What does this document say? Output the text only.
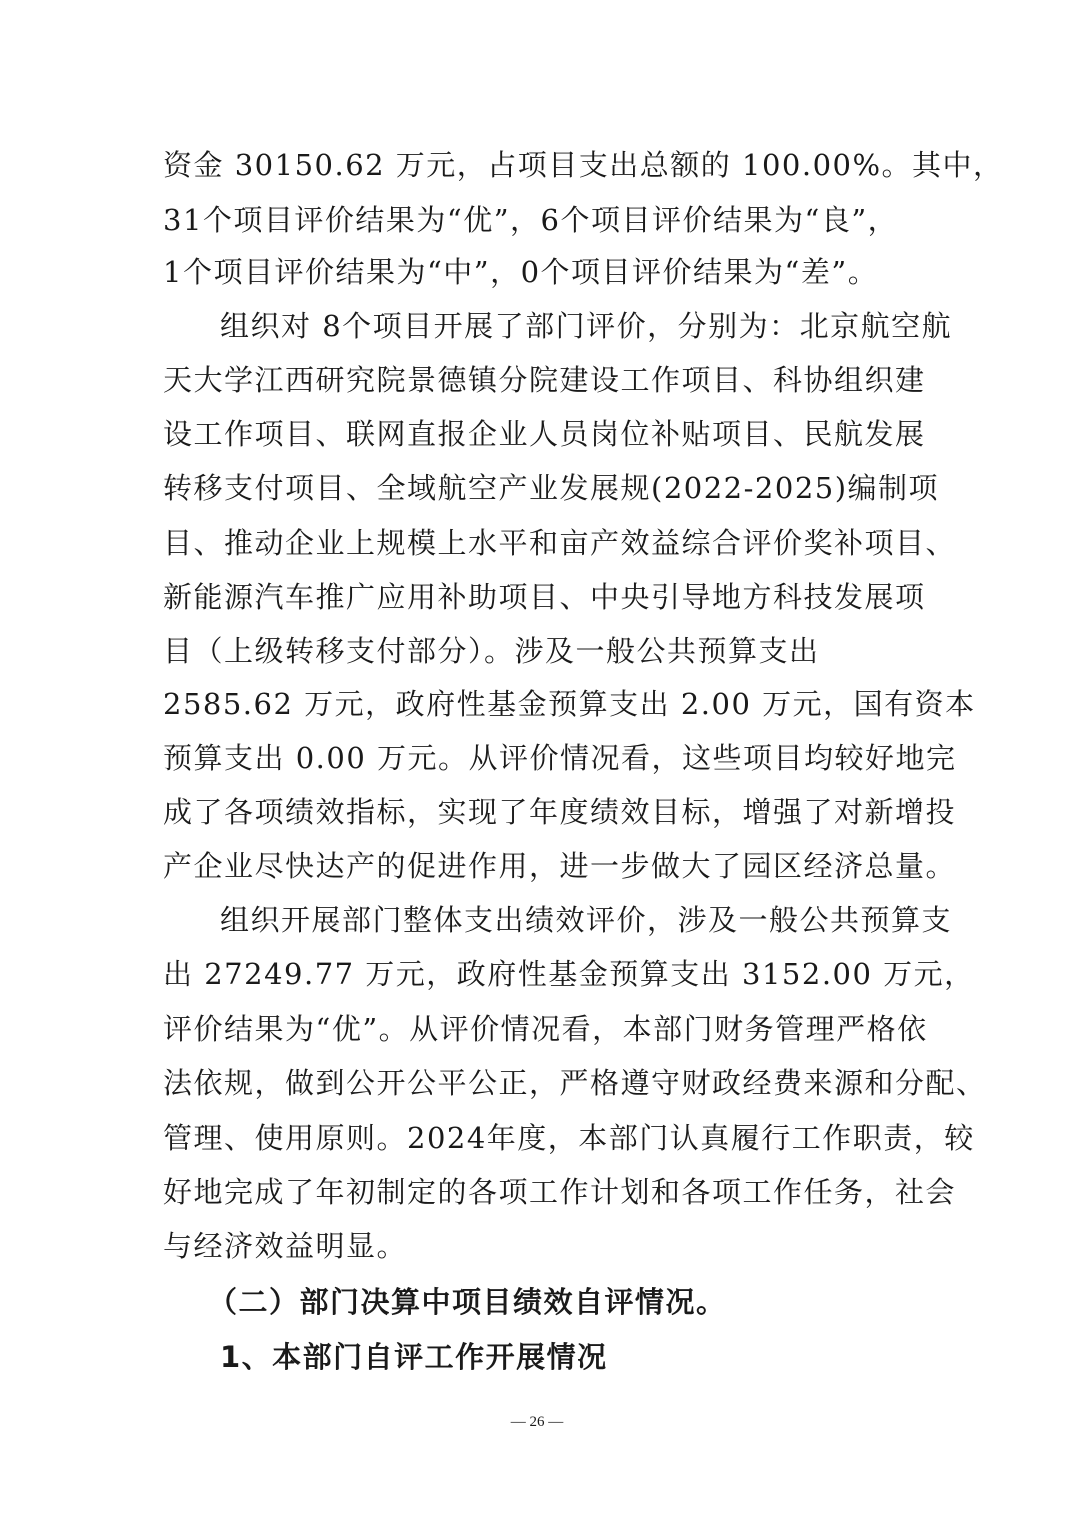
资金 30150.62 万元，占项目支出总额的 100.00%。其中，
31个项目评价结果为“优”，6个项目评价结果为“良”，
1个项目评价结果为“中”，0个项目评价结果为“差”。
组织对 8个项目开展了部门评价，分别为：北京航空航
天大学江西研究院景德镇分院建设工作项目、科协组织建
设工作项目、联网直报企业人员岗位补贴项目、民航发展
转移支付项目、全域航空产业发展规(2022-2025)编制项
目、推动企业上规模上水平和亩产效益综合评价奖补项目、
新能源汽车推广应用补助项目、中央引导地方科技发展项
目（上级转移支付部分）。涉及一般公共预算支出
2585.62 万元，政府性基金预算支出 2.00 万元，国有资本
预算支出 0.00 万元。从评价情况看，这些项目均较好地完
成了各项绩效指标，实现了年度绩效目标，增强了对新增投
产企业尽快达产的促进作用，进一步做大了园区经济总量。
组织开展部门整体支出绩效评价，涉及一般公共预算支
出 27249.77 万元，政府性基金预算支出 3152.00 万元，
评价结果为“优”。从评价情况看，本部门财务管理严格依
法依规，做到公开公平公正，严格遵守财政经费来源和分配、
管理、使用原则。2024年度，本部门认真履行工作职责，较
好地完成了年初制定的各项工作计划和各项工作任务，社会
与经济效益明显。
（二）部门决算中项目绩效自评情况。
1、本部门自评工作开展情况
— 26 —
